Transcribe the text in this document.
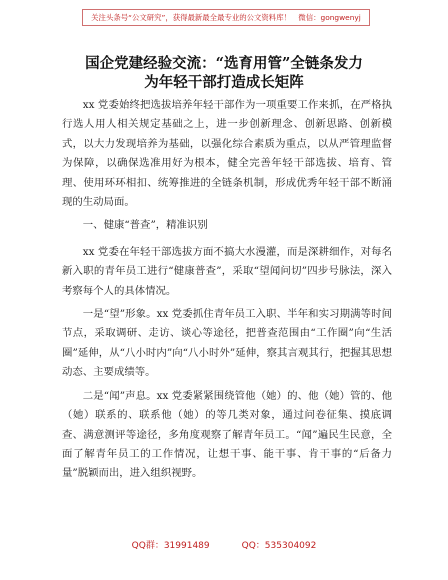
关注头条号“公文研究”，获得最新最全最专业的公文资料库！　微信：gongwenyj
国企党建经验交流：“选育用管”全链条发力
为年轻干部打造成长矩阵

xx 党委始终把选拔培养年轻干部作为一项重要工作来抓，在严格执行选人用人相关规定基础之上，进一步创新理念、创新思路、创新模式，以大力发现培养为基础，以强化综合素质为重点，以从严管理监督为保障，以确保选准用好为根本，健全完善年轻干部选拔、培育、管理、使用环环相扣、统筹推进的全链条机制，形成优秀年轻干部不断涌现的生动局面。

一、健康“普查”，精准识别

xx 党委在年轻干部选拔方面不搞大水漫灌，而是深耕细作，对每名新入职的青年员工进行“健康普查”，采取“望闻问切”四步号脉法，深入考察每个人的具体情况。

一是“望”形象。xx 党委抓住青年员工入职、半年和实习期满等时间节点，采取调研、走访、谈心等途径，把普查范围由“工作圈”向“生活圈”延伸，从“八小时内”向“八小时外”延伸，察其言观其行，把握其思想动态、主要成绩等。

二是“闻”声息。xx 党委紧紧围绕管他（她）的、他（她）管的、他（她）联系的、联系他（她）的等几类对象，通过问卷征集、摸底调查、满意测评等途径，多角度观察了解青年员工。“闻”遍民生民意，全面了解青年员工的工作情况，让想干事、能干事、肯干事的“后备力量”脱颖而出，进入组织视野。

QQ群：31991489	QQ：535304092
